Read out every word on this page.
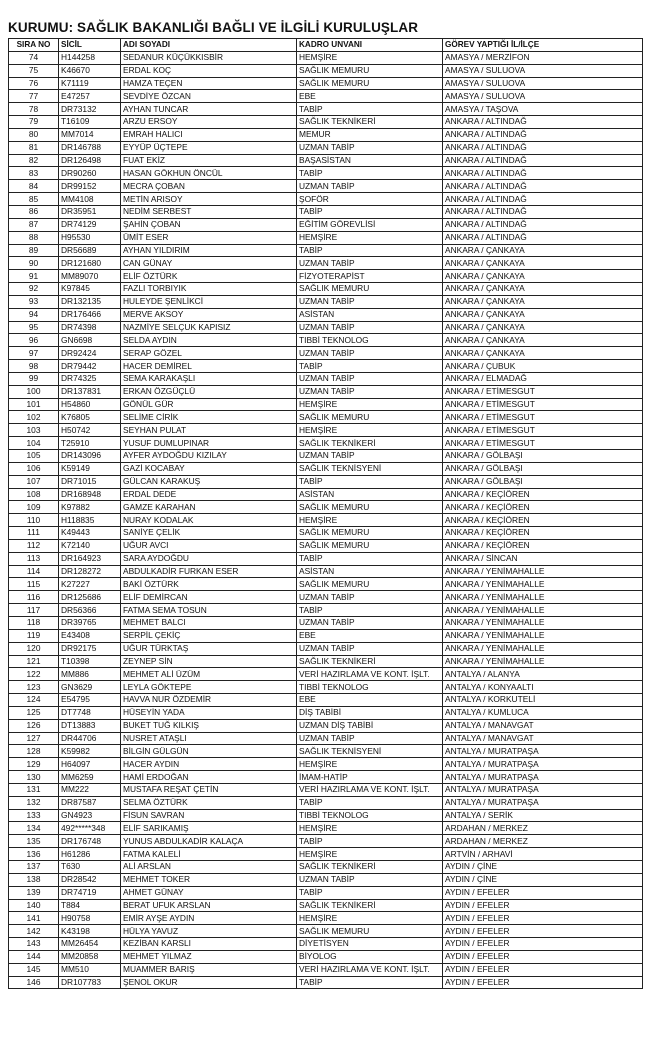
KURUMU: SAĞLIK BAKANLIĞI BAĞLI VE İLGİLİ KURULUŞLAR
SIRA NO	SİCİL	ADI SOYADI	KADRO UNVANI	GÖREV YAPTIĞI İL/İLÇE
74	H144258	SEDANUR KÜÇÜKKISBİR	HEMŞİRE	AMASYA / MERZİFON
75	K46670	ERDAL KOÇ	SAĞLIK MEMURU	AMASYA / SULUOVA
76	K71119	HAMZA TEÇEN	SAĞLIK MEMURU	AMASYA / SULUOVA
77	E47257	SEVDİYE ÖZCAN	EBE	AMASYA / SULUOVA
78	DR73132	AYHAN TUNCAR	TABİP	AMASYA / TAŞOVA
79	T16109	ARZU ERSOY	SAĞLIK TEKNİKERİ	ANKARA / ALTINDAĞ
80	MM7014	EMRAH HALICI	MEMUR	ANKARA / ALTINDAĞ
81	DR146788	EYYÜP ÜÇTEPE	UZMAN TABİP	ANKARA / ALTINDAĞ
82	DR126498	FUAT EKİZ	BAŞASİSTAN	ANKARA / ALTINDAĞ
83	DR90260	HASAN GÖKHUN ÖNCÜL	TABİP	ANKARA / ALTINDAĞ
84	DR99152	MECRA ÇOBAN	UZMAN TABİP	ANKARA / ALTINDAĞ
85	MM4108	METİN ARISOY	ŞOFÖR	ANKARA / ALTINDAĞ
86	DR35951	NEDİM SERBEST	TABİP	ANKARA / ALTINDAĞ
87	DR74129	ŞAHİN ÇOBAN	EĞİTİM GÖREVLİSİ	ANKARA / ALTINDAĞ
88	H95530	ÜMİT ESER	HEMŞİRE	ANKARA / ALTINDAĞ
89	DR56689	AYHAN YILDIRIM	TABİP	ANKARA / ÇANKAYA
90	DR121680	CAN GÜNAY	UZMAN TABİP	ANKARA / ÇANKAYA
91	MM89070	ELİF ÖZTÜRK	FİZYOTERAPİST	ANKARA / ÇANKAYA
92	K97845	FAZLI TORBIYIK	SAĞLIK MEMURU	ANKARA / ÇANKAYA
93	DR132135	HULEYDE ŞENLİKCİ	UZMAN TABİP	ANKARA / ÇANKAYA
94	DR176466	MERVE AKSOY	ASİSTAN	ANKARA / ÇANKAYA
95	DR74398	NAZMİYE SELÇUK KAPISIZ	UZMAN TABİP	ANKARA / ÇANKAYA
96	GN6698	SELDA AYDIN	TIBBİ TEKNOLOG	ANKARA / ÇANKAYA
97	DR92424	SERAP GÖZEL	UZMAN TABİP	ANKARA / ÇANKAYA
98	DR79442	HACER DEMİREL	TABİP	ANKARA / ÇUBUK
99	DR74325	SEMA KARAKAŞLI	UZMAN TABİP	ANKARA / ELMADAĞ
100	DR137831	ERKAN ÖZGÜÇLÜ	UZMAN TABİP	ANKARA / ETİMESGUT
101	H54860	GÖNÜL GÜR	HEMŞİRE	ANKARA / ETİMESGUT
102	K76805	SELİME CİRİK	SAĞLIK MEMURU	ANKARA / ETİMESGUT
103	H50742	SEYHAN PULAT	HEMŞİRE	ANKARA / ETİMESGUT
104	T25910	YUSUF DUMLUPINAR	SAĞLIK TEKNİKERİ	ANKARA / ETİMESGUT
105	DR143096	AYFER AYDOĞDU KIZILAY	UZMAN TABİP	ANKARA / GÖLBAŞI
106	K59149	GAZİ KOCABAY	SAĞLIK TEKNİSYENİ	ANKARA / GÖLBAŞI
107	DR71015	GÜLCAN KARAKUŞ	TABİP	ANKARA / GÖLBAŞI
108	DR168948	ERDAL DEDE	ASİSTAN	ANKARA / KEÇİÖREN
109	K97882	GAMZE KARAHAN	SAĞLIK MEMURU	ANKARA / KEÇİÖREN
110	H118835	NURAY KODALAK	HEMŞİRE	ANKARA / KEÇİÖREN
111	K49443	SANİYE ÇELİK	SAĞLIK MEMURU	ANKARA / KEÇİÖREN
112	K72140	UĞUR AVCI	SAĞLIK MEMURU	ANKARA / KEÇİÖREN
113	DR164923	SARA AYDOĞDU	TABİP	ANKARA / SİNCAN
114	DR128272	ABDULKADİR FURKAN ESER	ASİSTAN	ANKARA / YENİMAHALLE
115	K27227	BAKİ ÖZTÜRK	SAĞLIK MEMURU	ANKARA / YENİMAHALLE
116	DR125686	ELİF DEMİRCAN	UZMAN TABİP	ANKARA / YENİMAHALLE
117	DR56366	FATMA SEMA TOSUN	TABİP	ANKARA / YENİMAHALLE
118	DR39765	MEHMET BALCI	UZMAN TABİP	ANKARA / YENİMAHALLE
119	E43408	SERPİL ÇEKİÇ	EBE	ANKARA / YENİMAHALLE
120	DR92175	UĞUR TÜRKTAŞ	UZMAN TABİP	ANKARA / YENİMAHALLE
121	T10398	ZEYNEP SİN	SAĞLIK TEKNİKERİ	ANKARA / YENİMAHALLE
122	MM886	MEHMET ALİ ÜZÜM	VERİ HAZIRLAMA VE KONT. İŞLT.	ANTALYA / ALANYA
123	GN3629	LEYLA GÖKTEPE	TIBBİ TEKNOLOG	ANTALYA / KONYAALTI
124	E54795	HAVVA NUR ÖZDEMİR	EBE	ANTALYA / KORKUTELİ
125	DT7748	HÜSEYİN YADA	DİŞ TABİBİ	ANTALYA / KUMLUCA
126	DT13883	BUKET TUĞ KILKIŞ	UZMAN DİŞ TABİBİ	ANTALYA / MANAVGAT
127	DR44706	NUSRET ATAŞLI	UZMAN TABİP	ANTALYA / MANAVGAT
128	K59982	BİLGİN GÜLGÜN	SAĞLIK TEKNİSYENİ	ANTALYA / MURATPAŞA
129	H64097	HACER AYDIN	HEMŞİRE	ANTALYA / MURATPAŞA
130	MM6259	HAMİ ERDOĞAN	İMAM-HATİP	ANTALYA / MURATPAŞA
131	MM222	MUSTAFA REŞAT ÇETİN	VERİ HAZIRLAMA VE KONT. İŞLT.	ANTALYA / MURATPAŞA
132	DR87587	SELMA ÖZTÜRK	TABİP	ANTALYA / MURATPAŞA
133	GN4923	FİSUN SAVRAN	TIBBİ TEKNOLOG	ANTALYA / SERİK
134	492*****348	ELİF SARIKAMIŞ	HEMŞİRE	ARDAHAN / MERKEZ
135	DR176748	YUNUS ABDULKADİR KALAÇA	TABİP	ARDAHAN / MERKEZ
136	H61286	FATMA KALELİ	HEMŞİRE	ARTVİN / ARHAVİ
137	T630	ALİ ARSLAN	SAĞLIK TEKNİKERİ	AYDIN / ÇİNE
138	DR28542	MEHMET TOKER	UZMAN TABİP	AYDIN / ÇİNE
139	DR74719	AHMET GÜNAY	TABİP	AYDIN / EFELER
140	T884	BERAT UFUK ARSLAN	SAĞLIK TEKNİKERİ	AYDIN / EFELER
141	H90758	EMİR AYŞE AYDIN	HEMŞİRE	AYDIN / EFELER
142	K43198	HÜLYA YAVUZ	SAĞLIK MEMURU	AYDIN / EFELER
143	MM26454	KEZİBAN KARSLI	DİYETİSYEN	AYDIN / EFELER
144	MM20858	MEHMET YILMAZ	BİYOLOG	AYDIN / EFELER
145	MM510	MUAMMER BARIŞ	VERİ HAZIRLAMA VE KONT. İŞLT.	AYDIN / EFELER
146	DR107783	ŞENOL OKUR	TABİP	AYDIN / EFELER
